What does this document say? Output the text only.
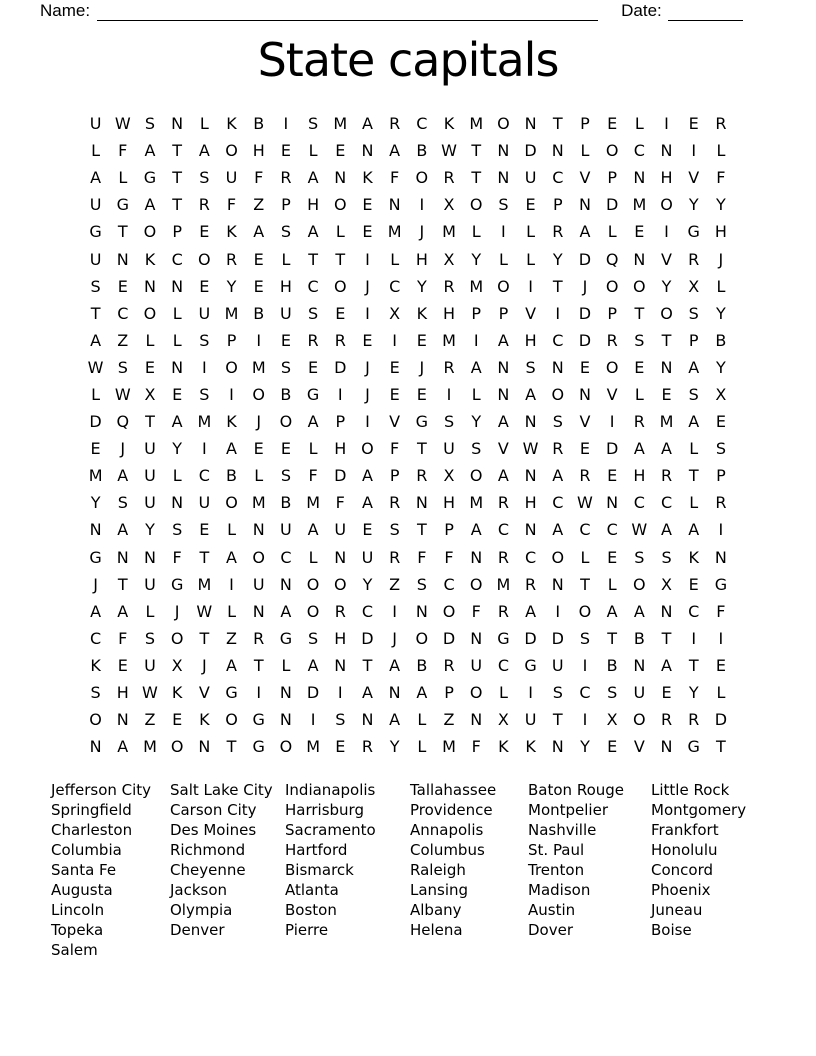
Name:	Date:
State capitals
U W S	N	L	K	B	I	S M A	R	C	K M O N	T	P	E	L	I	E	R
L	F	A	T	A O H	E	L	E	N A	B W T	N D N	L	O C N	I	L
A	L	G	T	S	U	F	R	A N K	F	O R	T	N U C	V	P	N H V	F
U G A	T	R	F	Z	P	H O E	N	I	X O S	E	P	N D M O	Y	Y
G	T	O	P	E	K	A	S	A	L	E M	J	M L	I	L	R	A	L	E	I	G H
U N K	C O R	E	L	T	T	I	L	H X	Y	L	L	Y	D Q N V	R	J
S	E	N N	E	Y	E	H C O	J	C	Y	R M O	I	T	J	O O	Y	X	L
T	C O	L	U M B U	S	E	I	X	K H	P	P	V	I	D	P	T	O S	Y
A	Z	L	L	S	P	I	E	R	R	E	I	E M	I	A H C D R	S	T	P	B
W S	E	N	I	O M S	E D	J	E	J	R	A N	S	N	E O E	N A	Y
L W X	E	S	I	O B G	I	J	E	E	I	L	N A O N V	L	E	S	X
D Q	T	A M K	J	O A	P	I	V G S	Y	A N	S	V	I	R M A	E
E	J	U	Y	I	A	E	E	L	H O	F	T	U	S	V W R	E D A	A	L	S
M A U	L	C	B	L	S	F	D A	P	R	X O A N A	R	E	H R	T	P
Y	S	U N U O M B M F	A	R N H M R H C W N C	C	L	R
N A	Y	S	E	L	N U A U	E	S	T	P	A	C N A	C	C W A	A	I
G N N	F	T	A O C	L	N U R	F	F	N R	C O	L	E	S	S	K N
J	T	U G M	I	U N O O	Y	Z	S	C O M R N	T	L	O X	E G
A	A	L	J	W L	N A O R	C	I	N O	F	R	A	I	O A	A N C	F
C	F	S O	T	Z	R G S	H D	J	O D N G D D S	T	B	T	I	I
K	E	U X	J	A	T	L	A N	T	A	B	R U C G U	I	B N A	T	E
S	H W K	V G	I	N D	I	A N A	P	O	L	I	S	C	S	U	E	Y	L
O N Z	E	K O G N	I	S	N A	L	Z N X U	T	I	X O R	R D
N A M O N	T	G O M E	R	Y	L M F	K	K N	Y	E	V N G	T
Jefferson City
Springfield
Charleston
Columbia
Santa Fe
Augusta
Lincoln
Topeka
Salem
Salt Lake City
Carson City
Des Moines
Richmond
Cheyenne
Jackson
Olympia
Denver
Indianapolis
Harrisburg
Sacramento
Hartford
Bismarck
Atlanta
Boston
Pierre
Tallahassee
Providence
Annapolis
Columbus
Raleigh
Lansing
Albany
Helena
Baton Rouge
Montpelier
Nashville
St. Paul
Trenton
Madison
Austin
Dover
Little Rock
Montgomery
Frankfort
Honolulu
Concord
Phoenix
Juneau
Boise
